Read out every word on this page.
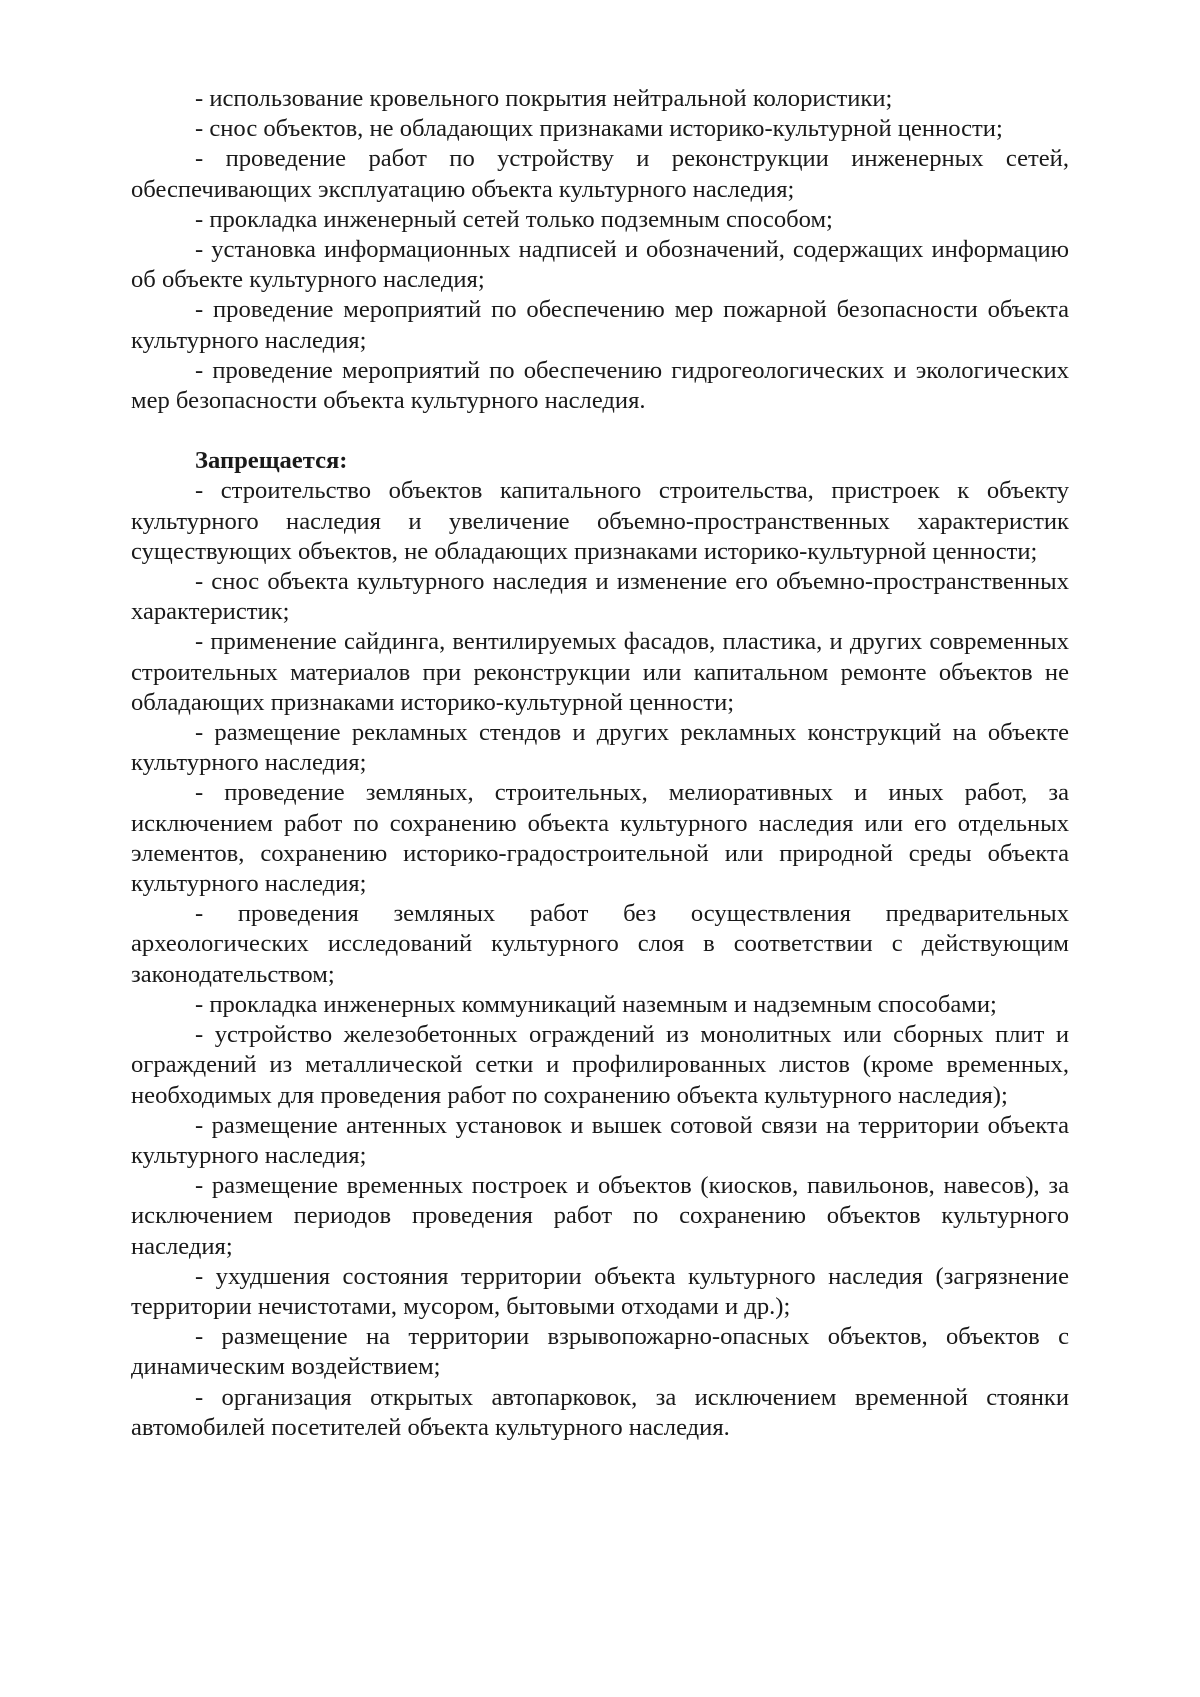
- использование кровельного покрытия нейтральной колористики;

- снос объектов, не обладающих признаками историко-культурной ценности;

- проведение работ по устройству и реконструкции инженерных сетей, обеспечивающих эксплуатацию объекта культурного наследия;

- прокладка инженерный сетей только подземным способом;

- установка информационных надписей и обозначений, содержащих информацию об объекте культурного наследия;

- проведение мероприятий по обеспечению мер пожарной безопасности объекта культурного наследия;

- проведение мероприятий по обеспечению гидрогеологических и экологических мер безопасности объекта культурного наследия.

Запрещается:

- строительство объектов капитального строительства, пристроек к объекту культурного наследия и увеличение объемно-пространственных характеристик существующих объектов, не обладающих признаками историко-культурной ценности;

- снос объекта культурного наследия и изменение его объемно-пространственных характеристик;

- применение сайдинга, вентилируемых фасадов, пластика, и других современных строительных материалов при реконструкции или капитальном ремонте объектов не обладающих признаками историко-культурной ценности;

- размещение рекламных стендов и других рекламных конструкций на объекте культурного наследия;

- проведение земляных, строительных, мелиоративных и иных работ, за исключением работ по сохранению объекта культурного наследия или его отдельных элементов, сохранению историко-градостроительной или природной среды объекта культурного наследия;

- проведения земляных работ без осуществления предварительных археологических исследований культурного слоя в соответствии с действующим законодательством;

- прокладка инженерных коммуникаций наземным и надземным способами;

- устройство железобетонных ограждений из монолитных или сборных плит и ограждений из металлической сетки и профилированных листов (кроме временных, необходимых для проведения работ по сохранению объекта культурного наследия);

- размещение антенных установок и вышек сотовой связи на территории объекта культурного наследия;

- размещение временных построек и объектов (киосков, павильонов, навесов), за исключением периодов проведения работ по сохранению объектов культурного наследия;

- ухудшения состояния территории объекта культурного наследия (загрязнение территории нечистотами, мусором, бытовыми отходами и др.);

- размещение на территории взрывопожарно-опасных объектов, объектов с динамическим воздействием;

- организация открытых автопарковок, за исключением временной стоянки автомобилей посетителей объекта культурного наследия.
